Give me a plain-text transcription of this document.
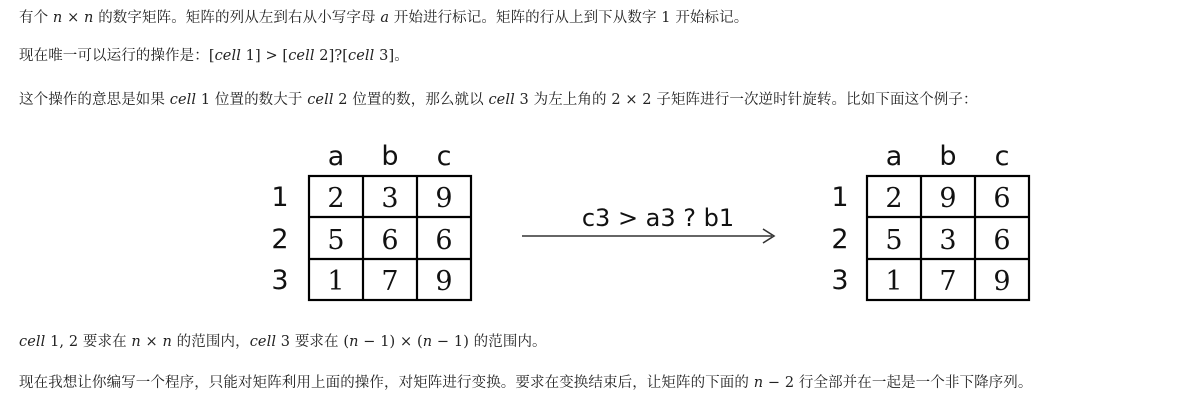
有个 n × n 的数字矩阵。矩阵的列从左到右从小写字母 a 开始进行标记。矩阵的行从上到下从数字 1 开始标记。
现在唯一可以运行的操作是：[cell 1] > [cell 2]?[cell 3]。
这个操作的意思是如果 cell 1 位置的数大于 cell 2 位置的数，那么就以 cell 3 为左上角的 2 × 2 子矩阵进行一次逆时针旋转。比如下面这个例子：
a b c
1
2
3
a b c
1
2
3
2 3 9
5 6 6
1 7 9
2 9 6
5 3 6
1 7 9
c3 > a3 ? b1
cell 1, 2 要求在 n × n 的范围内，cell 3 要求在 (n − 1) × (n − 1) 的范围内。
现在我想让你编写一个程序，只能对矩阵利用上面的操作，对矩阵进行变换。要求在变换结束后，让矩阵的下面的 n − 2 行全部并在一起是一个非下降序列。
